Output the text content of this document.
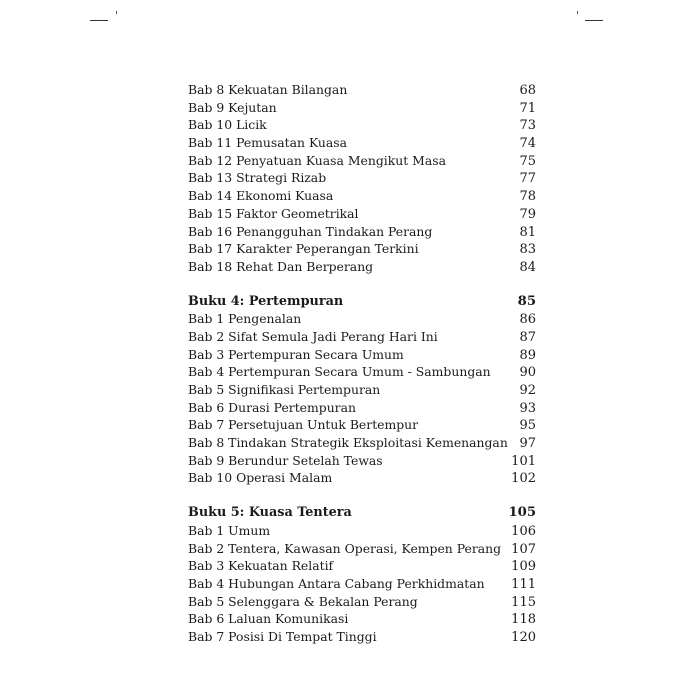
Bab 8 Kekuatan Bilangan	68
Bab 9 Kejutan	71
Bab 10 Licik	73
Bab 11 Pemusatan Kuasa	74
Bab 12 Penyatuan Kuasa Mengikut Masa	75
Bab 13 Strategi Rizab	77
Bab 14 Ekonomi Kuasa	78
Bab 15 Faktor Geometrikal	79
Bab 16 Penangguhan Tindakan Perang	81
Bab 17 Karakter Peperangan Terkini	83
Bab 18 Rehat Dan Berperang	84
Buku 4: Pertempuran	85
Bab 1 Pengenalan	86
Bab 2 Sifat Semula Jadi Perang Hari Ini	87
Bab 3 Pertempuran Secara Umum	89
Bab 4 Pertempuran Secara Umum - Sambungan 90
Bab 5 Signifikasi Pertempuran	92
Bab 6 Durasi Pertempuran	93
Bab 7 Persetujuan Untuk Bertempur	95
Bab 8 Tindakan Strategik Eksploitasi Kemenangan 97
Bab 9 Berundur Setelah Tewas	101
Bab 10 Operasi Malam	102
Buku 5: Kuasa Tentera	105
Bab 1 Umum	106
Bab 2 Tentera, Kawasan Operasi, Kempen Perang 107
Bab 3 Kekuatan Relatif	109
Bab 4 Hubungan Antara Cabang Perkhidmatan 111
Bab 5 Selenggara & Bekalan Perang	115
Bab 6 Laluan Komunikasi	118
Bab 7 Posisi Di Tempat Tinggi	120
